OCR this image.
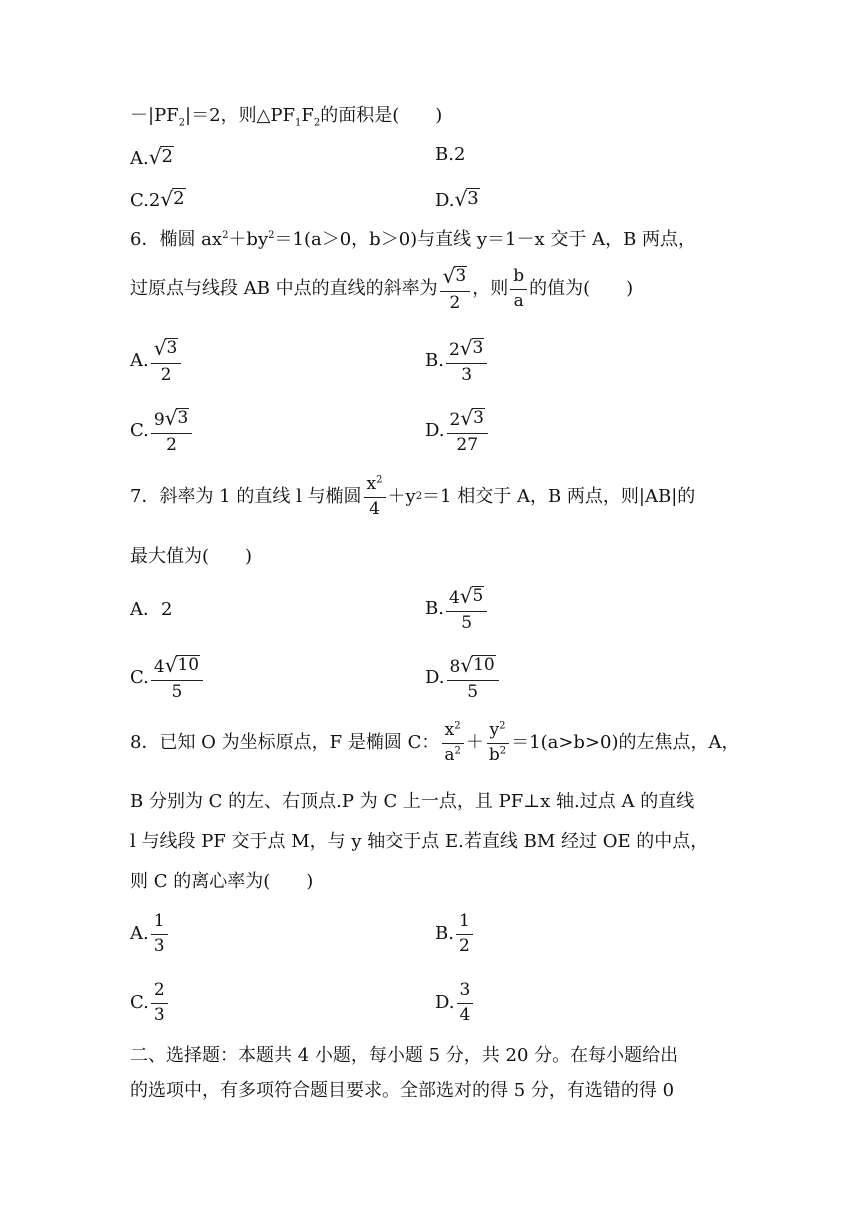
$-|PF_2|=2$，则$\triangle PF_1F_2$的面积是(　　)
A. √ 2	B.2
C.2 √ 2	D. √ 3
6．椭圆 $ax^2+by^2=1(a>0$，b＞0)与直线 y＝1－x 交于 A，B 两点，
过原点与线段 AB 中点的直线的斜率为 $\frac{√ 3}{2}$ ，则 $\frac{b}{a}$ 的值为(　　)
A. $\frac{√ 3}{2}$	B. $\frac{2 √ 3}{3}$
C. $\frac{9 √ 3}{2}$	D. $\frac{2 √ 3}{27}$
7．斜率为 1 的直线 l 与椭圆 $\frac{x^2}{4} +y$ 2 ＝1 相交于 A，B 两点，则|AB|的
最大值为(　　)
A．2	B. $\frac{4 √ 5}{5}$
C. $\frac{4 √ 10}{5}$	D. $\frac{8 √ 10}{5}$
8．已知 O 为坐标原点，F 是椭圆 C： $\frac{x^2}{a^2} + \frac{y^2}{b^2} =1(a>b>0)$的左焦点，A，
B 分别为 C 的左、右顶点.P 为 C 上一点，且 PF⊥x 轴.过点 A 的直线
l 与线段 PF 交于点 M，与 y 轴交于点 E.若直线 BM 经过 OE 的中点，
则 C 的离心率为(　　)
A. $\frac{1}{3}$	B. $\frac{1}{2}$
C. $\frac{2}{3}$	D. $\frac{3}{4}$
二、选择题：本题共 4 小题，每小题 5 分，共 20 分。在每小题给出
的选项中，有多项符合题目要求。全部选对的得 5 分，有选错的得 0
